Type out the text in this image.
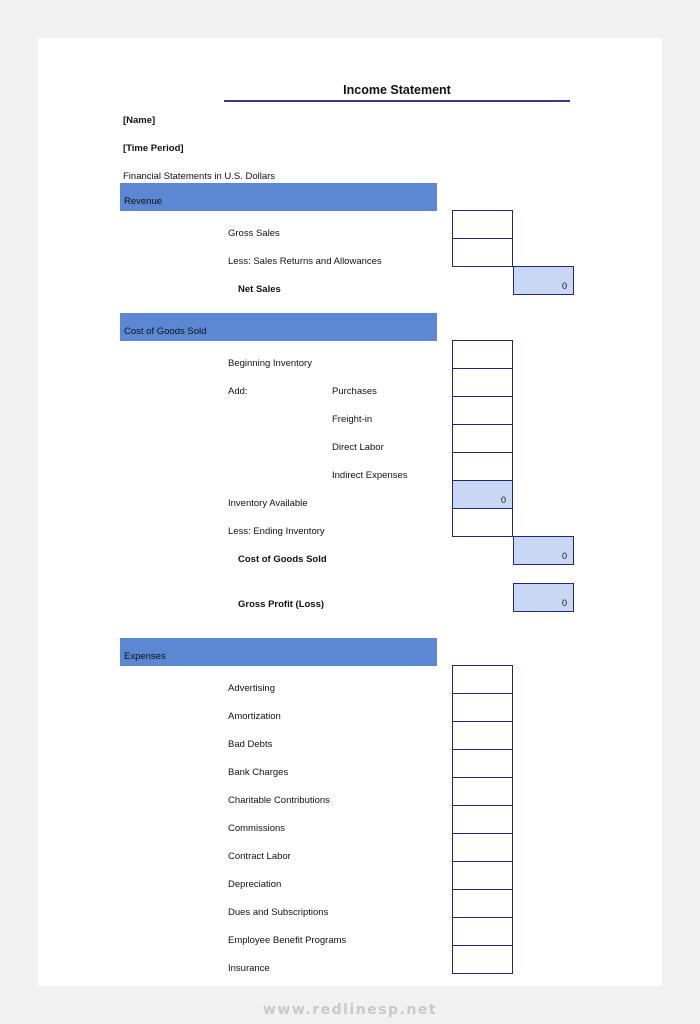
Income Statement
[Name]
[Time Period]
Financial Statements in U.S. Dollars
Revenue
Gross Sales
Less: Sales Returns and Allowances
Net Sales	0
Cost of Goods Sold
Beginning Inventory
Add:	Purchases
Freight-in
Direct Labor
Indirect Expenses
Inventory Available
Less: Ending Inventory
Cost of Goods Sold
Gross Profit (Loss)
0
0
0
Expenses
Advertising
Amortization
Bad Debts
Bank Charges
Charitable Contributions
Commissions
Contract Labor
Depreciation
Dues and Subscriptions
Employee Benefit Programs
Insurance
www.redlinesp.net
